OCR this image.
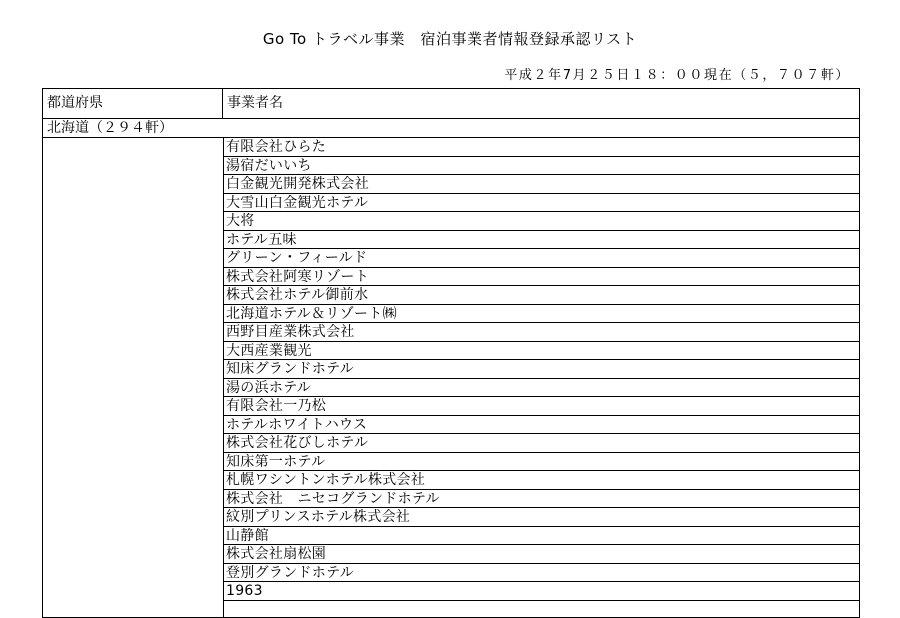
Go To トラベル事業　宿泊事業者情報登録承認リスト
平成２年7月２５日１８：００現在（５，７０７軒）
都道府県	事業者名
北海道（２９４軒）
有限会社ひらた
湯宿だいいち
白金観光開発株式会社
大雪山白金観光ホテル
大将
ホテル五味
グリーン・フィールド
株式会社阿寒リゾート
株式会社ホテル御前水
北海道ホテル＆リゾート㈱
西野目産業株式会社
大西産業観光
知床グランドホテル
湯の浜ホテル
有限会社一乃松
ホテルホワイトハウス
株式会社花びしホテル
知床第一ホテル
札幌ワシントンホテル株式会社
株式会社　ニセコグランドホテル
紋別プリンスホテル株式会社
山静館
株式会社扇松園
登別グランドホテル
1963
